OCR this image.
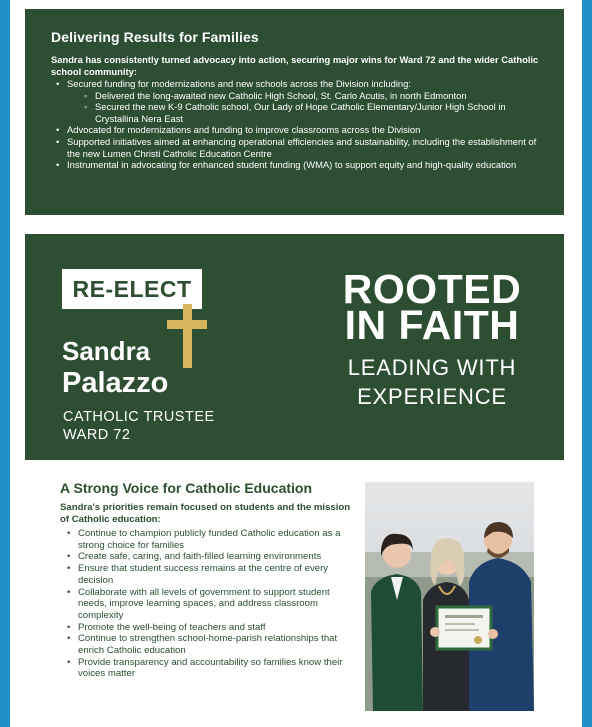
Delivering Results for Families
Sandra has consistently turned advocacy into action, securing major wins for Ward 72 and the wider Catholic school community:
• Secured funding for modernizations and new schools across the Division including:
◦ Delivered the long-awaited new Catholic High School, St. Carlo Acutis, in north Edmonton
◦ Secured the new K-9 Catholic school, Our Lady of Hope Catholic Elementary/Junior High School in Crystallina Nera East
• Advocated for modernizations and funding to improve classrooms across the Division
• Supported initiatives aimed at enhancing operational efficiencies and sustainability, including the establishment of the new Lumen Christi Catholic Education Centre
• Instrumental in advocating for enhanced student funding (WMA) to support equity and high-quality education
RE-ELECT
Sandra
Palazzo
CATHOLIC TRUSTEE
WARD 72
ROOTED
IN FAITH
LEADING WITH
EXPERIENCE
A Strong Voice for Catholic Education
Sandra's priorities remain focused on students and the mission of Catholic education:
• Continue to champion publicly funded Catholic education as a strong choice for families
• Create safe, caring, and faith-filled learning environments
• Ensure that student success remains at the centre of every decision
• Collaborate with all levels of government to support student needs, improve learning spaces, and address classroom complexity
• Promote the well-being of teachers and staff
• Continue to strengthen school-home-parish relationships that enrich Catholic education
• Provide transparency and accountability so families know their voices matter
